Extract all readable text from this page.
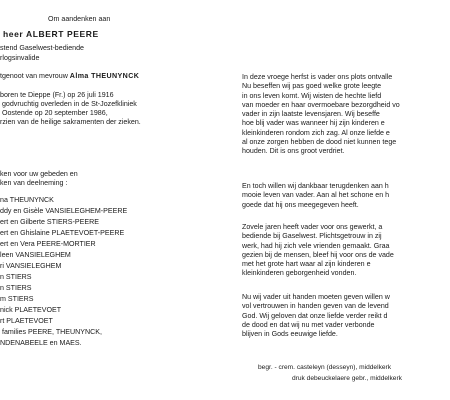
Om aandenken aan
heer ALBERT PEERE
stend Gaselwest-bediende
rlogsinvalide
tgenoot van mevrouw Alma THEUNYNCK
boren te Dieppe (Fr.) op 26 juli 1916
godvruchtig overleden in de St-Jozefkliniek
Oostende op 20 september 1986,
rzien van de heilige sakramenten der zieken.
ken voor uw gebeden en
ken van deelneming :
na THEUNYNCK
ddy en Gisèle VANSIELEGHEM-PEERE
ert en Gilberte STIERS-PEERE
ert en Ghislaine PLAETEVOET-PEERE
ert en Vera PEERE-MORTIER
leen VANSIELEGHEM
ri VANSIELEGHEM
n STIERS
n STIERS
m STIERS
nick PLAETEVOET
rt PLAETEVOET
families PEERE, THEUNYNCK,
NDENABEELE en MAES.
In deze vroege herfst is vader ons plots ontvalle
Nu beseffen wij pas goed welke grote leegte
in ons leven komt. Wij wisten de hechte liefd
van moeder en haar overmoebare bezorgdheid vo
vader in zijn laatste levensjaren. Wij beseffe
hoe blij vader was wanneer hij zijn kinderen e
kleinkinderen rondom zich zag. Al onze liefde e
al onze zorgen hebben de dood niet kunnen tege
houden. Dit is ons groot verdriet.
En toch willen wij dankbaar terugdenken aan h
mooie leven van vader. Aan al het schone en h
goede dat hij ons meegegeven heeft.
Zovele jaren heeft vader voor ons gewerkt, a
bediende bij Gaselwest. Plichtsgetrouw in zij
werk, had hij zich vele vrienden gemaakt. Graa
gezien bij de mensen, bleef hij voor ons de vade
met het grote hart waar al zijn kinderen e
kleinkinderen geborgenheid vonden.
Nu wij vader uit handen moeten geven willen w
vol vertrouwen in handen geven van de levend
God. Wij geloven dat onze liefde verder reikt d
de dood en dat wij nu met vader verbonde
blijven in Gods eeuwige liefde.
begr. - crem. casteleyn (desseyn), middelkerk
druk debeuckelaere gebr., middelkerk
